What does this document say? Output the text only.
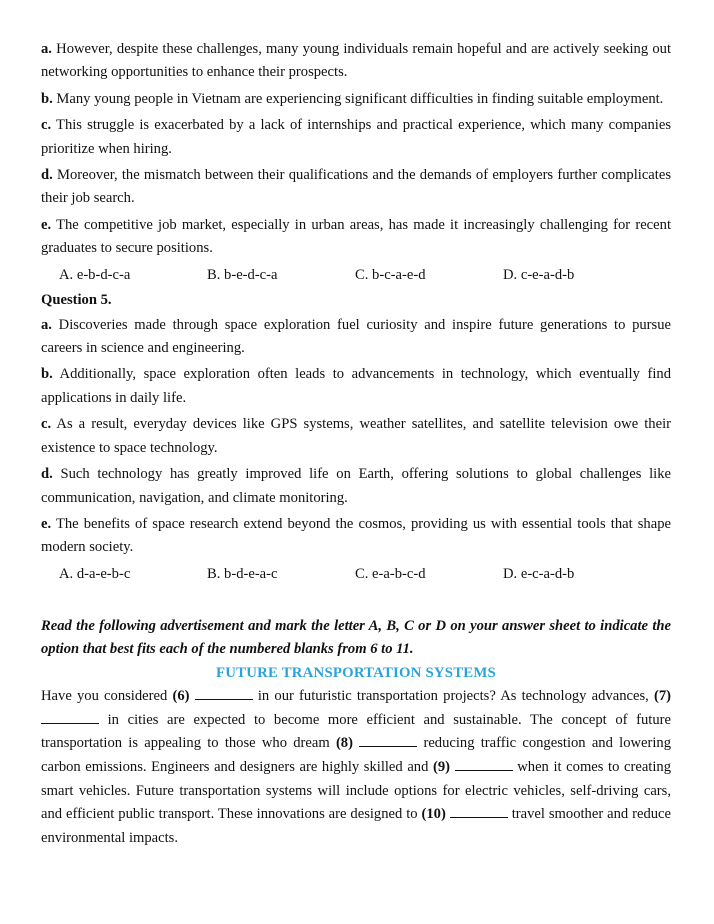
a. However, despite these challenges, many young individuals remain hopeful and are actively seeking out networking opportunities to enhance their prospects.
b. Many young people in Vietnam are experiencing significant difficulties in finding suitable employment.
c. This struggle is exacerbated by a lack of internships and practical experience, which many companies prioritize when hiring.
d. Moreover, the mismatch between their qualifications and the demands of employers further complicates their job search.
e. The competitive job market, especially in urban areas, has made it increasingly challenging for recent graduates to secure positions.
A. e-b-d-c-a	B. b-e-d-c-a	C. b-c-a-e-d	D. c-e-a-d-b
Question 5.
a. Discoveries made through space exploration fuel curiosity and inspire future generations to pursue careers in science and engineering.
b. Additionally, space exploration often leads to advancements in technology, which eventually find applications in daily life.
c. As a result, everyday devices like GPS systems, weather satellites, and satellite television owe their existence to space technology.
d. Such technology has greatly improved life on Earth, offering solutions to global challenges like communication, navigation, and climate monitoring.
e. The benefits of space research extend beyond the cosmos, providing us with essential tools that shape modern society.
A. d-a-e-b-c	B. b-d-e-a-c	C. e-a-b-c-d	D. e-c-a-d-b
Read the following advertisement and mark the letter A, B, C or D on your answer sheet to indicate the option that best fits each of the numbered blanks from 6 to 11.
FUTURE TRANSPORTATION SYSTEMS
Have you considered (6)	in our futuristic transportation projects? As technology advances, (7)  in cities are expected to become more efficient and sustainable. The concept of future transportation is appealing to those who dream (8)	reducing traffic congestion and lowering carbon emissions. Engineers and designers are highly skilled and (9)	when it comes to creating smart vehicles. Future transportation systems will include options for electric vehicles, self-driving cars, and efficient public transport. These innovations are designed to (10)	travel smoother and reduce environmental impacts.
